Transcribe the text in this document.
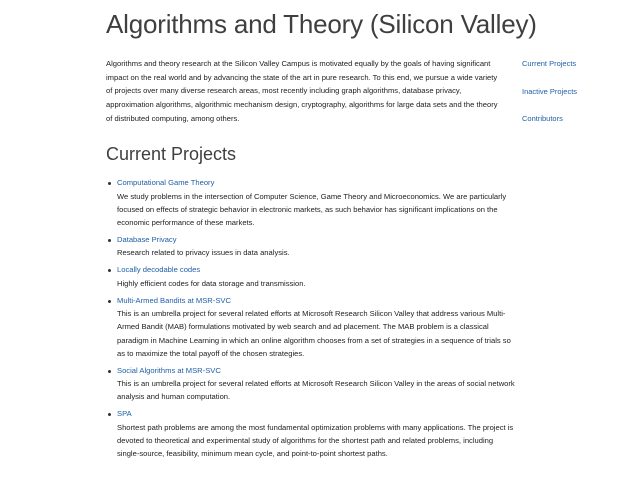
Algorithms and Theory (Silicon Valley)

Algorithms and theory research at the Silicon Valley Campus is motivated equally by the goals of having significant impact on the real world and by advancing the state of the art in pure research. To this end, we pursue a wide variety of projects over many diverse research areas, most recently including graph algorithms, database privacy, approximation algorithms, algorithmic mechanism design, cryptography, algorithms for large data sets and the theory of distributed computing, among others.

Current Projects
Inactive Projects
Contributors
Current Projects
Computational Game Theory
We study problems in the intersection of Computer Science, Game Theory and Microeconomics. We are particularly focused on effects of strategic behavior in electronic markets, as such behavior has significant implications on the economic performance of these markets.
Database Privacy
Research related to privacy issues in data analysis.
Locally decodable codes
Highly efficient codes for data storage and transmission.
Multi-Armed Bandits at MSR-SVC
This is an umbrella project for several related efforts at Microsoft Research Silicon Valley that address various Multi-Armed Bandit (MAB) formulations motivated by web search and ad placement. The MAB problem is a classical paradigm in Machine Learning in which an online algorithm chooses from a set of strategies in a sequence of trials so as to maximize the total payoff of the chosen strategies.
Social Algorithms at MSR-SVC
This is an umbrella project for several related efforts at Microsoft Research Silicon Valley in the areas of social network analysis and human computation.
SPA
Shortest path problems are among the most fundamental optimization problems with many applications. The project is devoted to theoretical and experimental study of algorithms for the shortest path and related problems, including single-source, feasibility, minimum mean cycle, and point-to-point shortest paths.
